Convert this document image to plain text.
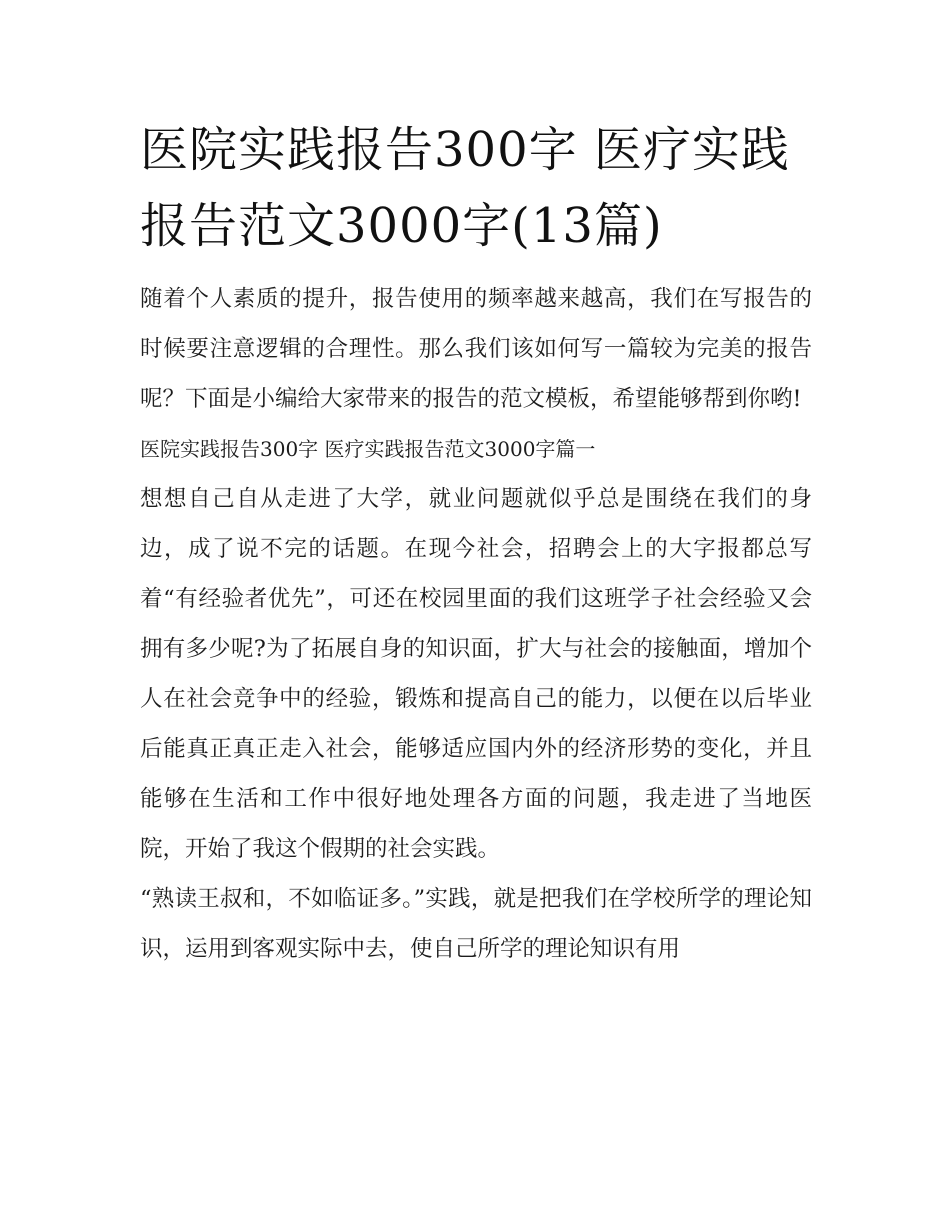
医院实践报告300字 医疗实践报告范文3000字(13篇)

随着个人素质的提升，报告使用的频率越来越高，我们在写报告的时候要注意逻辑的合理性。那么我们该如何写一篇较为完美的报告呢？下面是小编给大家带来的报告的范文模板，希望能够帮到你哟!

医院实践报告300字 医疗实践报告范文3000字篇一

想想自己自从走进了大学，就业问题就似乎总是围绕在我们的身边，成了说不完的话题。在现今社会，招聘会上的大字报都总写着“有经验者优先”，可还在校园里面的我们这班学子社会经验又会拥有多少呢?为了拓展自身的知识面，扩大与社会的接触面，增加个人在社会竞争中的经验，锻炼和提高自己的能力，以便在以后毕业后能真正真正走入社会，能够适应国内外的经济形势的变化，并且能够在生活和工作中很好地处理各方面的问题，我走进了当地医院，开始了我这个假期的社会实践。

“熟读王叔和，不如临证多。”实践，就是把我们在学校所学的理论知识，运用到客观实际中去，使自己所学的理论知识有用
